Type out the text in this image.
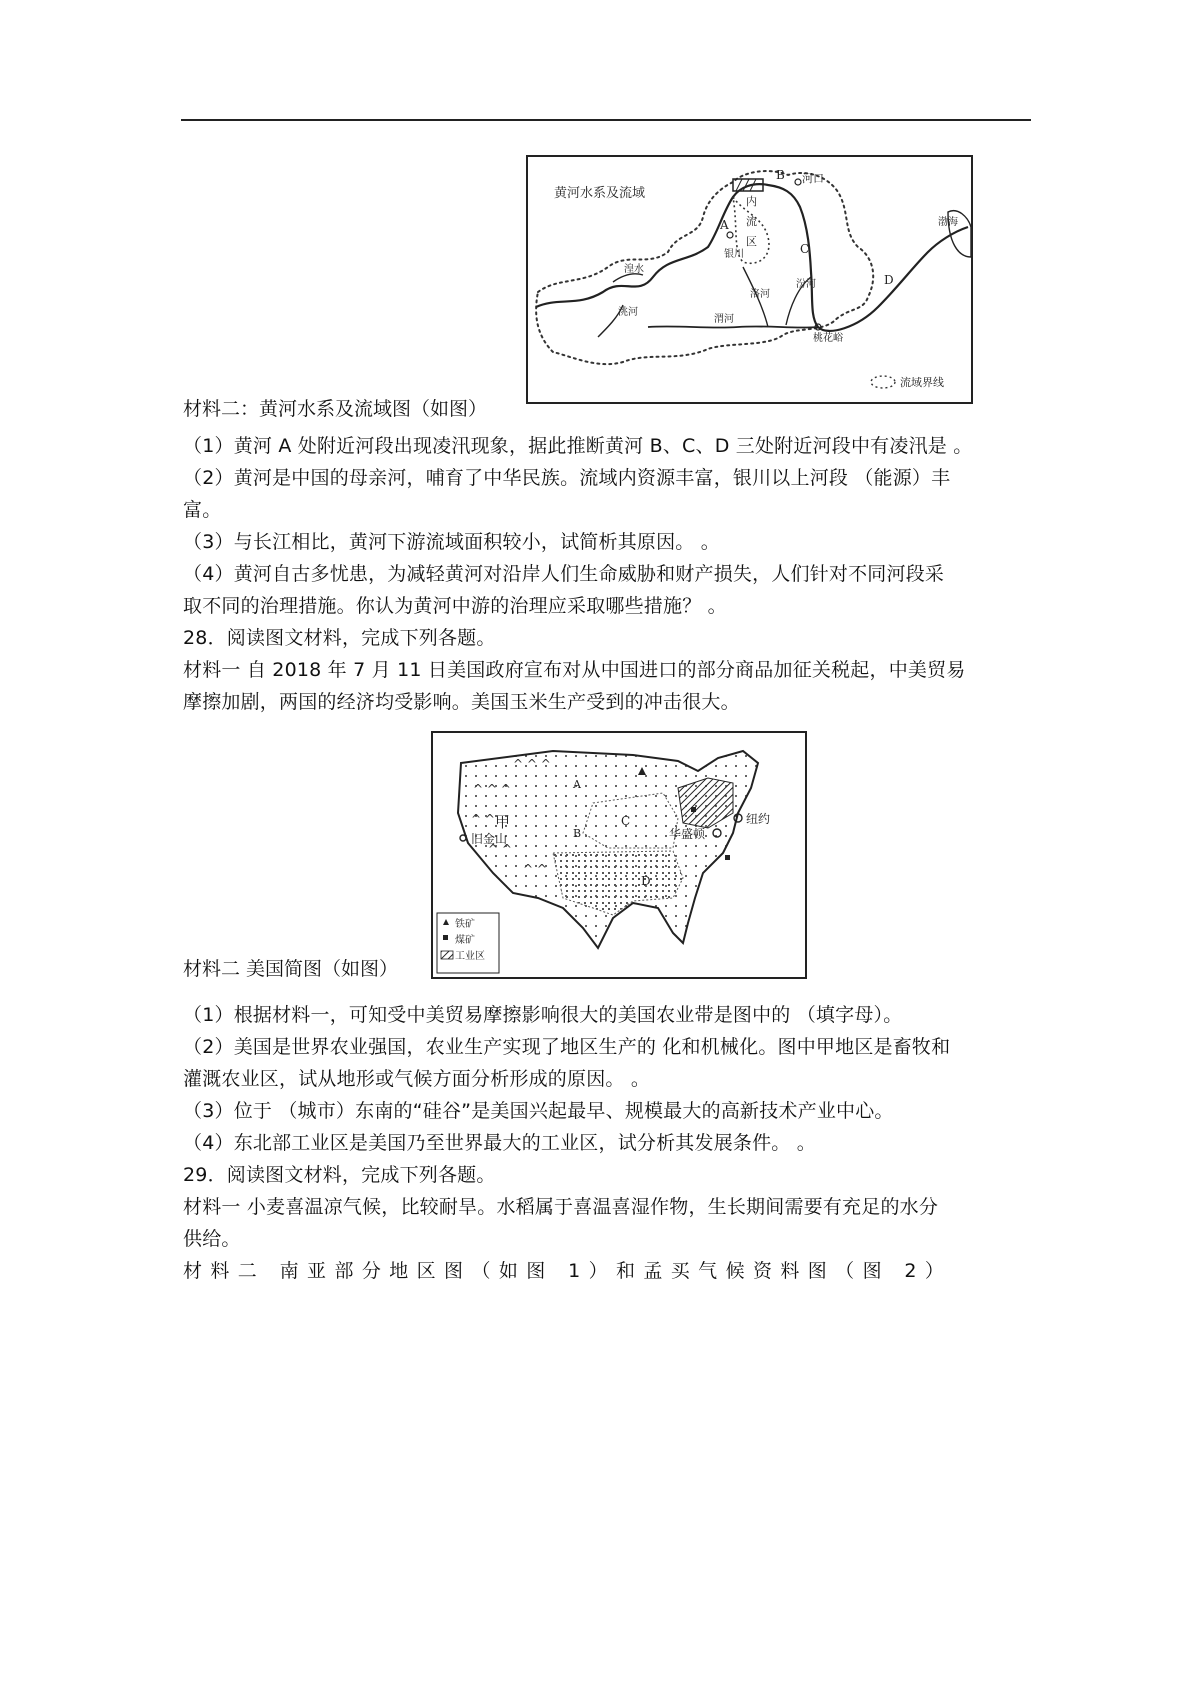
黄河水系及流域
A
B
C
D
河口
内
流
区
银川
湟水
洮河
汾河
洛河
渭河
桃花峪
渤海
流域界线
材料二：黄河水系及流域图（如图）
（1）黄河 A 处附近河段出现凌汛现象，据此推断黄河 B、C、D 三处附近河段中有凌汛是 。
（2）黄河是中国的母亲河，哺育了中华民族。流域内资源丰富，银川以上河段 （能源）丰
富。
（3）与长江相比，黄河下游流域面积较小，试简析其原因。 。
（4）黄河自古多忧患，为减轻黄河对沿岸人们生命威胁和财产损失，人们针对不同河段采
取不同的治理措施。你认为黄河中游的治理应采取哪些措施？ 。
28．阅读图文材料，完成下列各题。
材料一 自 2018 年 7 月 11 日美国政府宣布对从中国进口的部分商品加征关税起，中美贸易
摩擦加剧，两国的经济均受影响。美国玉米生产受到的冲击很大。
^ ^ ^
^ ^
^ ^
^ ^
^ ^ ^
甲
A
B
C
D
旧金山
纽约
华盛顿
铁矿
煤矿
工业区
材料二 美国简图（如图）
（1）根据材料一，可知受中美贸易摩擦影响很大的美国农业带是图中的 （填字母）。
（2）美国是世界农业强国，农业生产实现了地区生产的 化和机械化。图中甲地区是畜牧和
灌溉农业区，试从地形或气候方面分析形成的原因。 。
（3）位于 （城市）东南的“硅谷”是美国兴起最早、规模最大的高新技术产业中心。
（4）东北部工业区是美国乃至世界最大的工业区，试分析其发展条件。 。
29．阅读图文材料，完成下列各题。
材料一 小麦喜温凉气候，比较耐旱。水稻属于喜温喜湿作物，生长期间需要有充足的水分
供给。
材料二 南亚部分地区图（如图 1）和孟买气候资料图（图 2）
